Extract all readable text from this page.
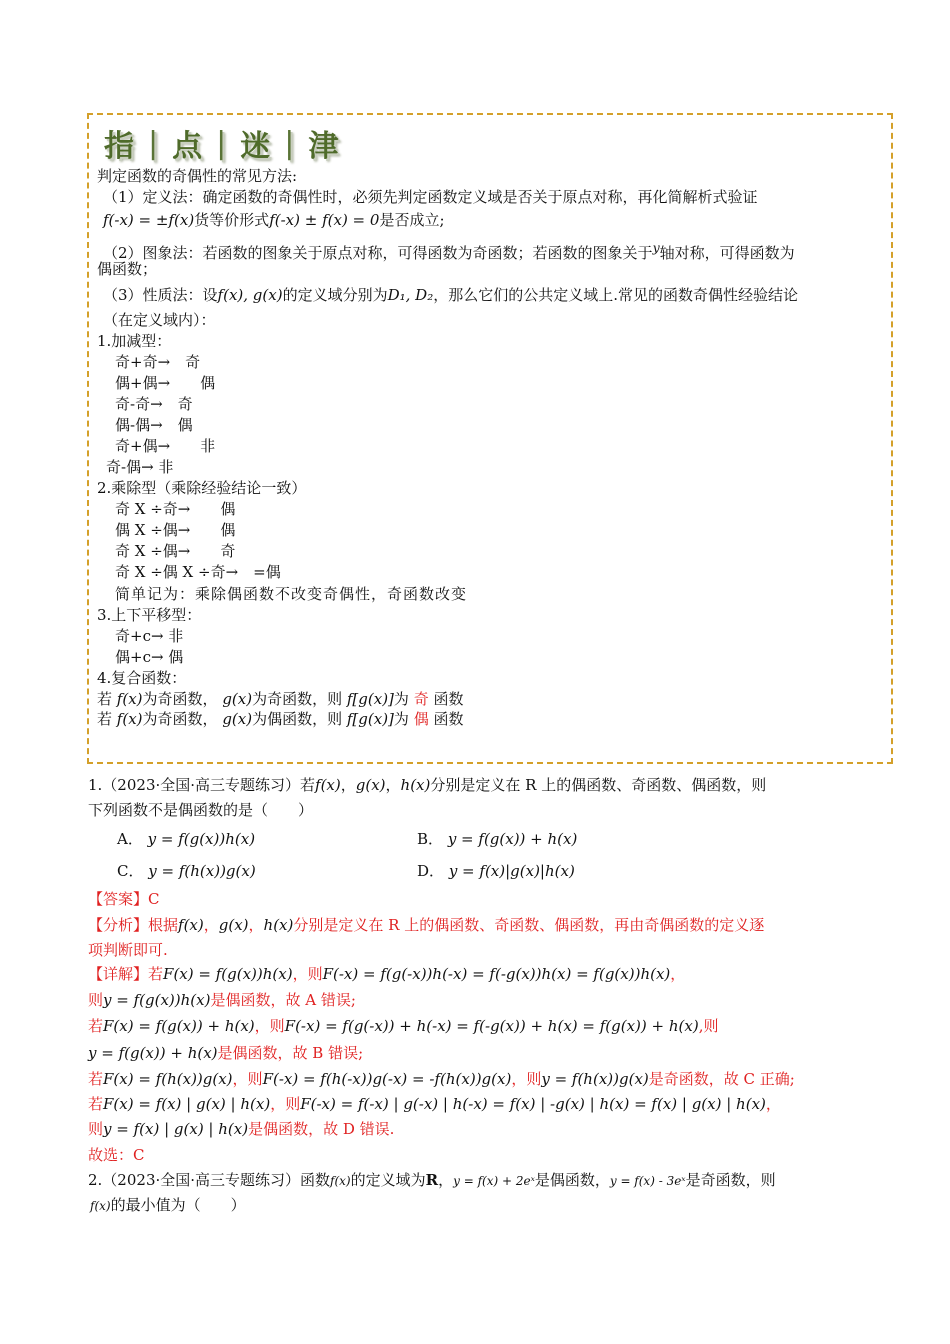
指 | 点 | 迷 | 津
判定函数的奇偶性的常见方法:
（1）定义法：确定函数的奇偶性时，必须先判定函数定义域是否关于原点对称，再化简解析式验证
f(-x) = ±f(x)货等价形式f(-x) ± f(x) = 0是否成立;
（2）图象法：若函数的图象关于原点对称，可得函数为奇函数；若函数的图象关于$^y$轴对称，可得函数为
偶函数；
（3）性质法：设f(x), g(x)的定义域分别为D₁, D₂，那么它们的公共定义域上.常见的函数奇偶性经验结论
（在定义域内）：
1.加减型：
奇+奇→　奇
偶+偶→　　偶
奇-奇→　奇
偶-偶→　偶
奇+偶→　　非
奇-偶→ 非
2.乘除型（乘除经验结论一致）
奇 X ÷奇→　　偶
偶 X ÷偶→　　偶
奇 X ÷偶→　　奇
奇 X ÷偶 X ÷奇→　=偶
简单记为：乘除偶函数不改变奇偶性，奇函数改变
3.上下平移型：
奇+c→ 非
偶+c→ 偶
4.复合函数：
若 f(x)为奇函数， g(x)为奇函数，则 f[g(x)]为 奇 函数
若 f(x)为奇函数， g(x)为偶函数，则 f[g(x)]为 偶 函数
1.（2023·全国·高三专题练习）若f(x)，g(x)，h(x)分别是定义在 R 上的偶函数、奇函数、偶函数，则
下列函数不是偶函数的是（　　）
A． y = f(g(x))h(x)	B． y = f(g(x)) + h(x)
C． y = f(h(x))g(x)	D． y = f(x)|g(x)|h(x)
【答案】C
【分析】根据f(x)，g(x)，h(x)分别是定义在 R 上的偶函数、奇函数、偶函数，再由奇偶函数的定义逐
项判断即可.
【详解】若F(x) = f(g(x))h(x)，则F(-x) = f(g(-x))h(-x) = f(-g(x))h(x) = f(g(x))h(x)，
则y = f(g(x))h(x)是偶函数，故 A 错误;
若F(x) = f(g(x)) + h(x)，则F(-x) = f(g(-x)) + h(-x) = f(-g(x)) + h(x) = f(g(x)) + h(x),则
y = f(g(x)) + h(x)是偶函数，故 B 错误;
若F(x) = f(h(x))g(x)，则F(-x) = f(h(-x))g(-x) = -f(h(x))g(x)，则y = f(h(x))g(x)是奇函数，故 C 正确;
若F(x) = f(x) | g(x) | h(x)，则F(-x) = f(-x) | g(-x) | h(-x) = f(x) | -g(x) | h(x) = f(x) | g(x) | h(x)，
则y = f(x) | g(x) | h(x)是偶函数，故 D 错误.
故选：C
2.（2023·全国·高三专题练习）函数f(x)的定义域为R，y = f(x) + 2eˣ是偶函数，y = f(x) - 3eˣ是奇函数，则
f(x)的最小值为（　　）
